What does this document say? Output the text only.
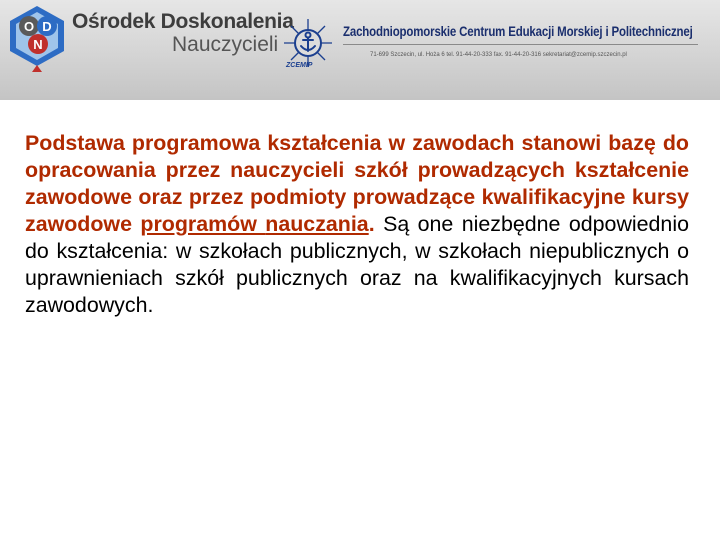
O D
N
Ośrodek Doskonalenia
Nauczycieli
ZCEMIP
Zachodniopomorskie Centrum Edukacji Morskiej i Politechnicznej
71-699 Szczecin, ul. Hoża 6 tel. 91-44-20-333 fax. 91-44-20-316 sekretariat@zcemip.szczecin.pl
Podstawa programowa kształcenia w zawodach stanowi bazę do opracowania przez nauczycieli szkół prowadzących kształcenie zawodowe oraz przez podmioty prowadzące kwalifikacyjne kursy zawodowe programów nauczania. Są one niezbędne odpowiednio do kształcenia: w szkołach publicznych, w szkołach niepublicznych o uprawnieniach szkół publicznych oraz na kwalifikacyjnych kursach zawodowych.
